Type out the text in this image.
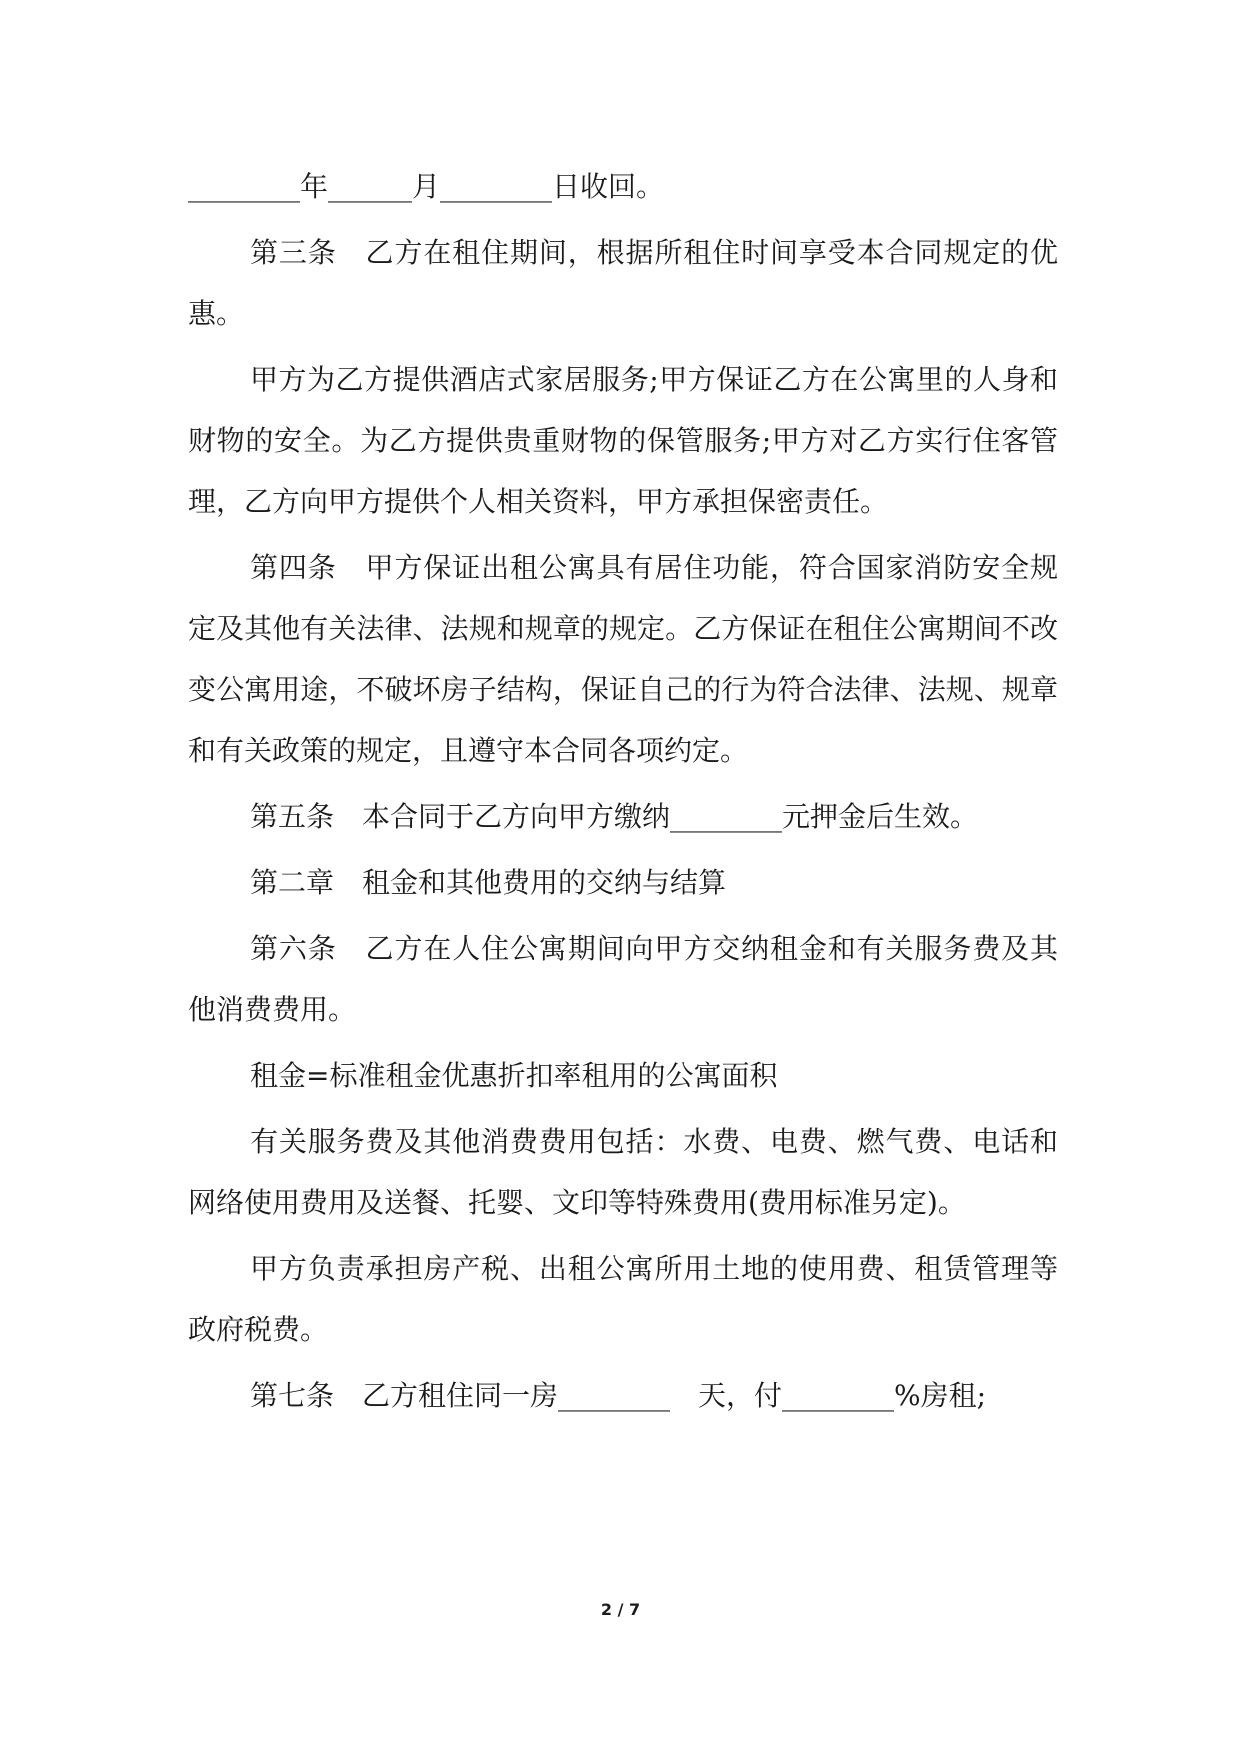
________年______月________日收回。

第三条　乙方在租住期间，根据所租住时间享受本合同规定的优惠。

甲方为乙方提供酒店式家居服务;甲方保证乙方在公寓里的人身和财物的安全。为乙方提供贵重财物的保管服务;甲方对乙方实行住客管理，乙方向甲方提供个人相关资料，甲方承担保密责任。

第四条　甲方保证出租公寓具有居住功能，符合国家消防安全规定及其他有关法律、法规和规章的规定。乙方保证在租住公寓期间不改变公寓用途，不破坏房子结构，保证自己的行为符合法律、法规、规章和有关政策的规定，且遵守本合同各项约定。

第五条　本合同于乙方向甲方缴纳________元押金后生效。

第二章　租金和其他费用的交纳与结算

第六条　乙方在人住公寓期间向甲方交纳租金和有关服务费及其他消费费用。

租金=标准租金优惠折扣率租用的公寓面积

有关服务费及其他消费费用包括：水费、电费、燃气费、电话和网络使用费用及送餐、托婴、文印等特殊费用(费用标准另定)。

甲方负责承担房产税、出租公寓所用土地的使用费、租赁管理等政府税费。

第七条　乙方租住同一房________　天，付________%房租;

2 / 7
